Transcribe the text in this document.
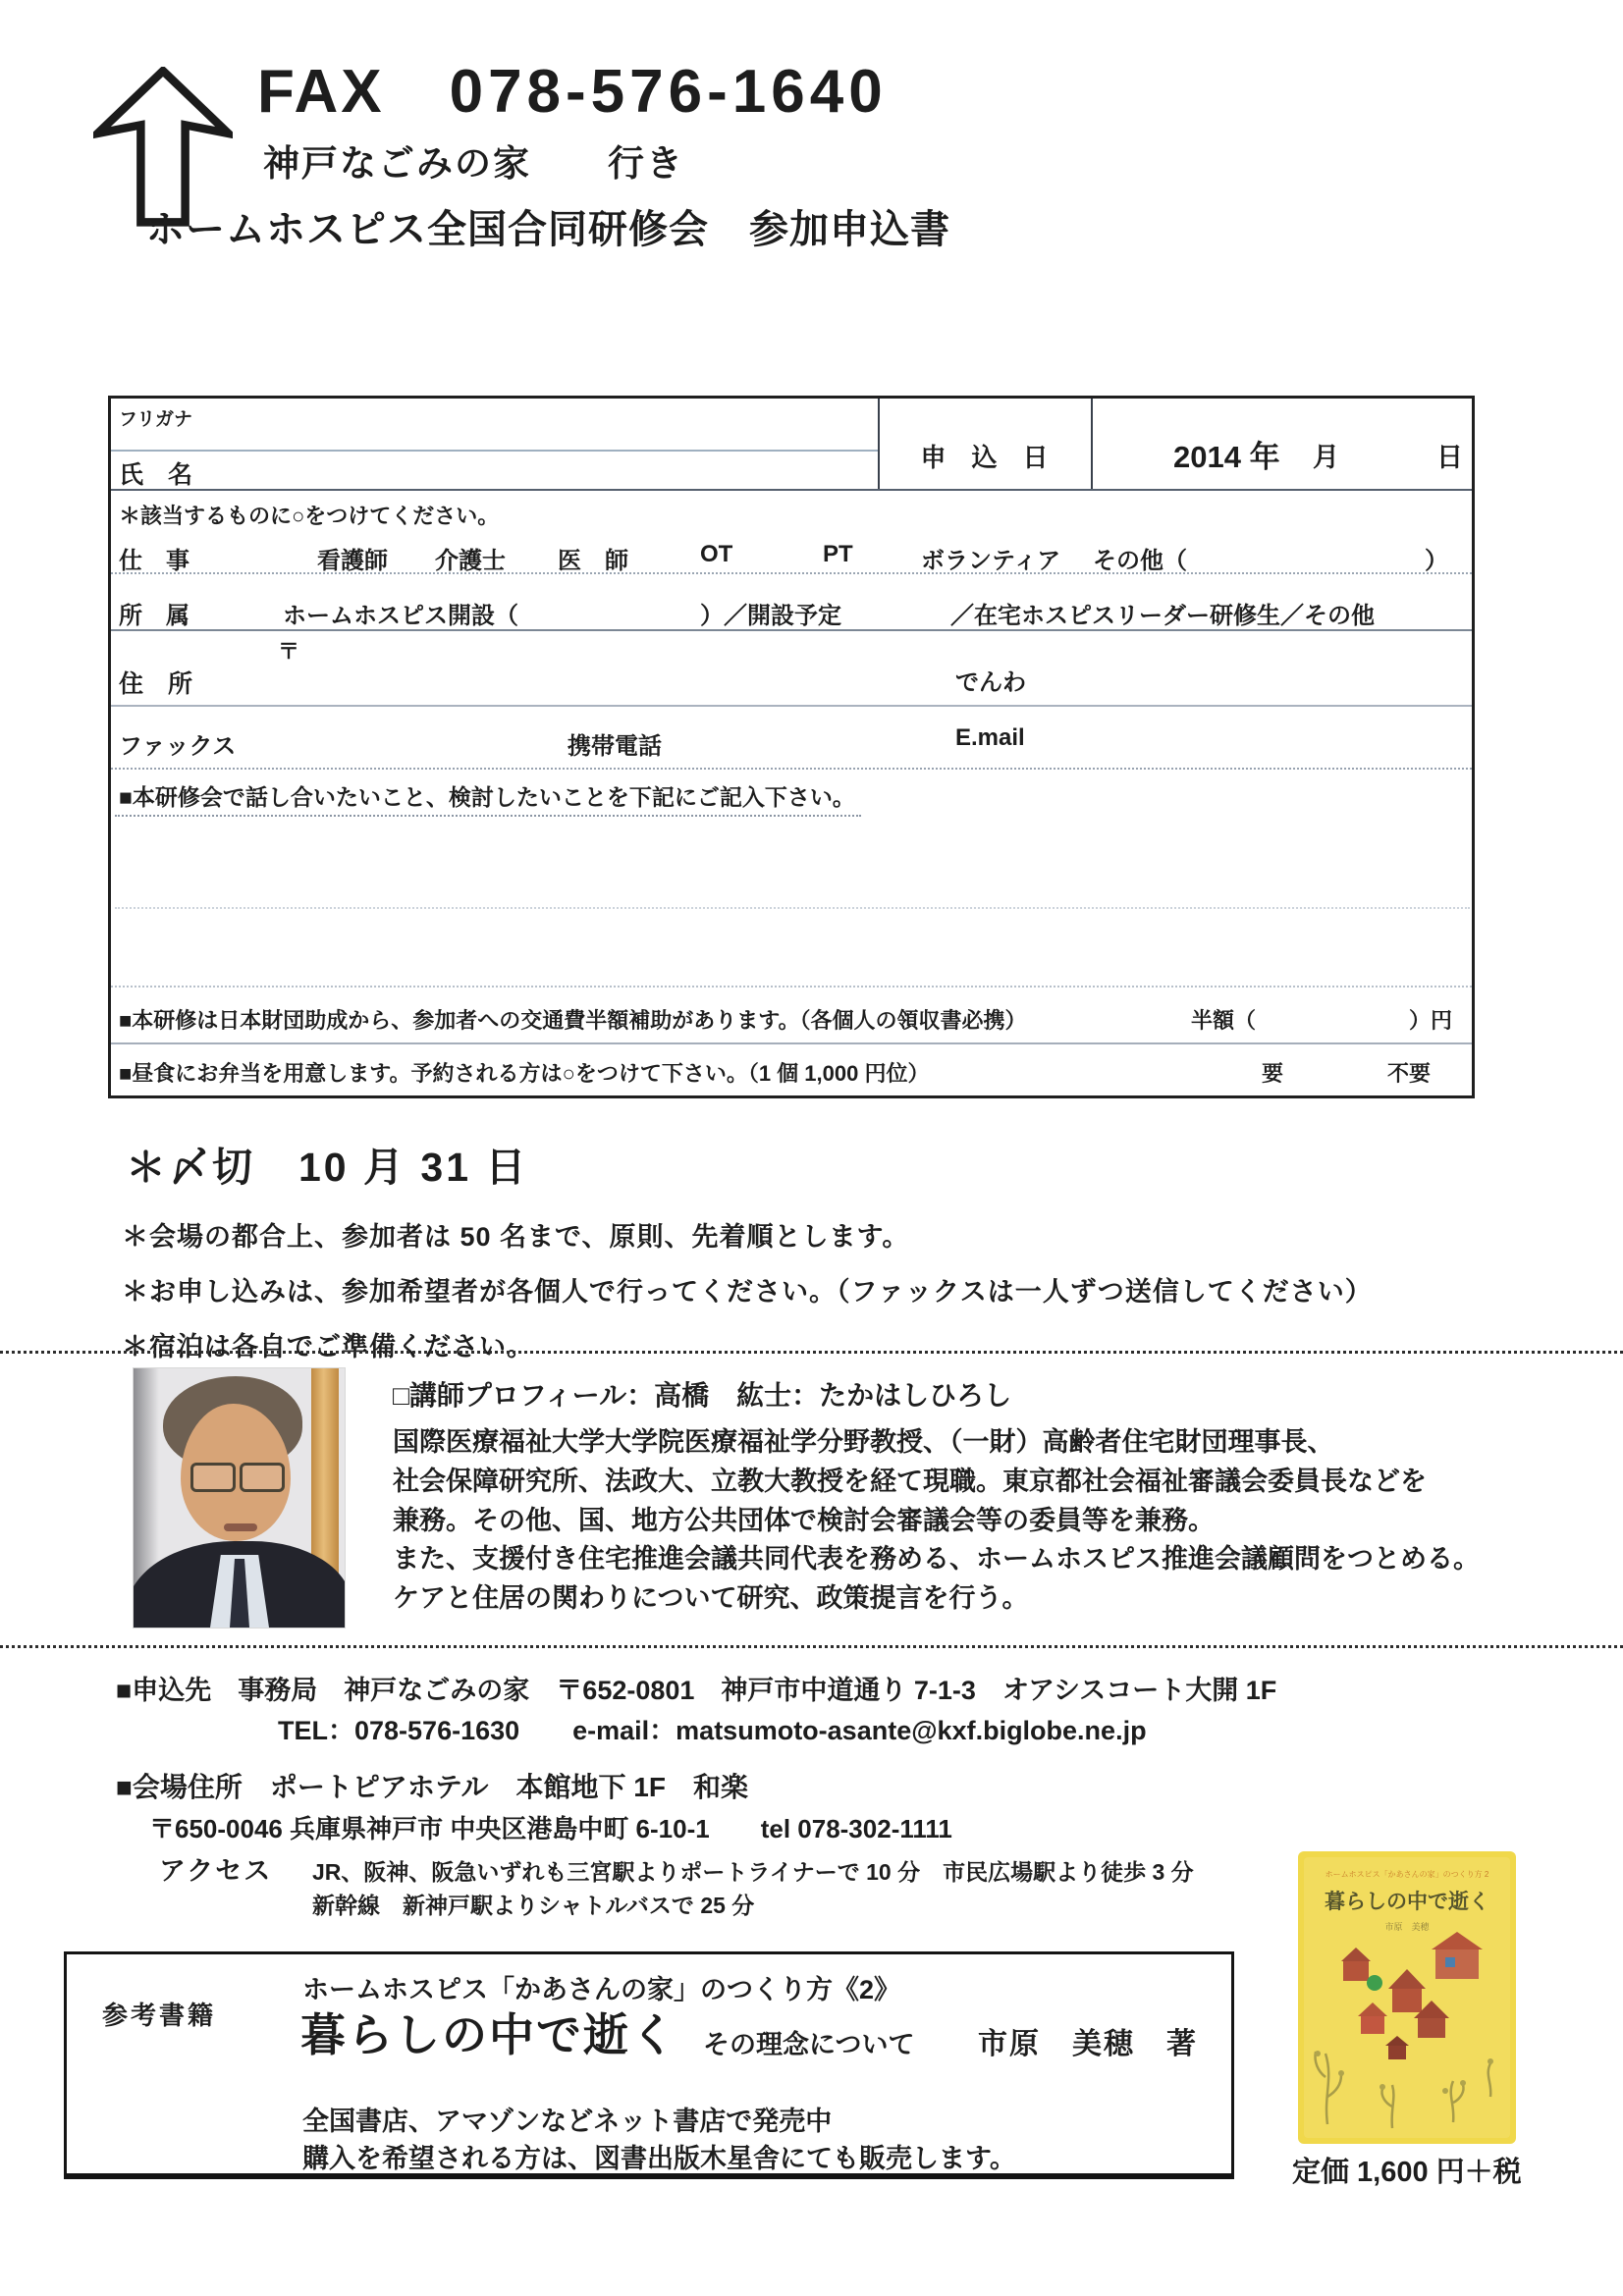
FAX 078-576-1640
神戸なごみの家　　行き
ホームホスピス全国合同研修会　参加申込書
フリガナ
氏　名
申　込　日	2014 年 月	日
＊該当するものに○をつけてください。
仕　事	看護師 介護士 医　師	OT	PT	ボランティア その他（	）
所　属	ホームホスピス開設（	）／開設予定	／在宅ホスピスリーダー研修生／その他
〒
住　所	でんわ
ファックス	携帯電話	E.mail
■本研修会で話し合いたいこと、検討したいことを下記にご記入下さい。
■本研修は日本財団助成から、参加者への交通費半額補助があります。（各個人の領収書必携）	半額（	）円
■昼食にお弁当を用意します。予約される方は○をつけて下さい。（1 個 1,000 円位）	要	不要
＊〆切　10 月 31 日
＊会場の都合上、参加者は 50 名まで、原則、先着順とします。
＊お申し込みは、参加希望者が各個人で行ってください。（ファックスは一人ずつ送信してください）
＊宿泊は各自でご準備ください。
□講師プロフィール：高橋　紘士：たかはしひろし
国際医療福祉大学大学院医療福祉学分野教授、（一財）高齢者住宅財団理事長、
社会保障研究所、法政大、立教大教授を経て現職。東京都社会福祉審議会委員長などを
兼務。その他、国、地方公共団体で検討会審議会等の委員等を兼務。
また、支援付き住宅推進会議共同代表を務める、ホームホスピス推進会議顧問をつとめる。
ケアと住居の関わりについて研究、政策提言を行う。
■申込先　事務局　神戸なごみの家　〒652-0801　神戸市中道通り 7-1-3　オアシスコート大開 1F
TEL：078-576-1630　　e-mail：matsumoto-asante@kxf.biglobe.ne.jp
■会場住所　ポートピアホテル　本館地下 1F　和楽
〒650-0046 兵庫県神戸市 中央区港島中町 6-10-1　　tel 078-302-1111
アクセス JR、阪神、阪急いずれも三宮駅よりポートライナーで 10 分　市民広場駅より徒歩 3 分
新幹線　新神戸駅よりシャトルバスで 25 分
参考書籍
ホームホスピス「かあさんの家」のつくり方《2》
暮らしの中で逝く その理念について 市原　美穂　著
全国書店、アマゾンなどネット書店で発売中
購入を希望される方は、図書出版木星舎にても販売します。
ホームホスピス「かあさんの家」のつくり方 2
暮らしの中で逝く
市原　美穂
定価 1,600 円＋税
